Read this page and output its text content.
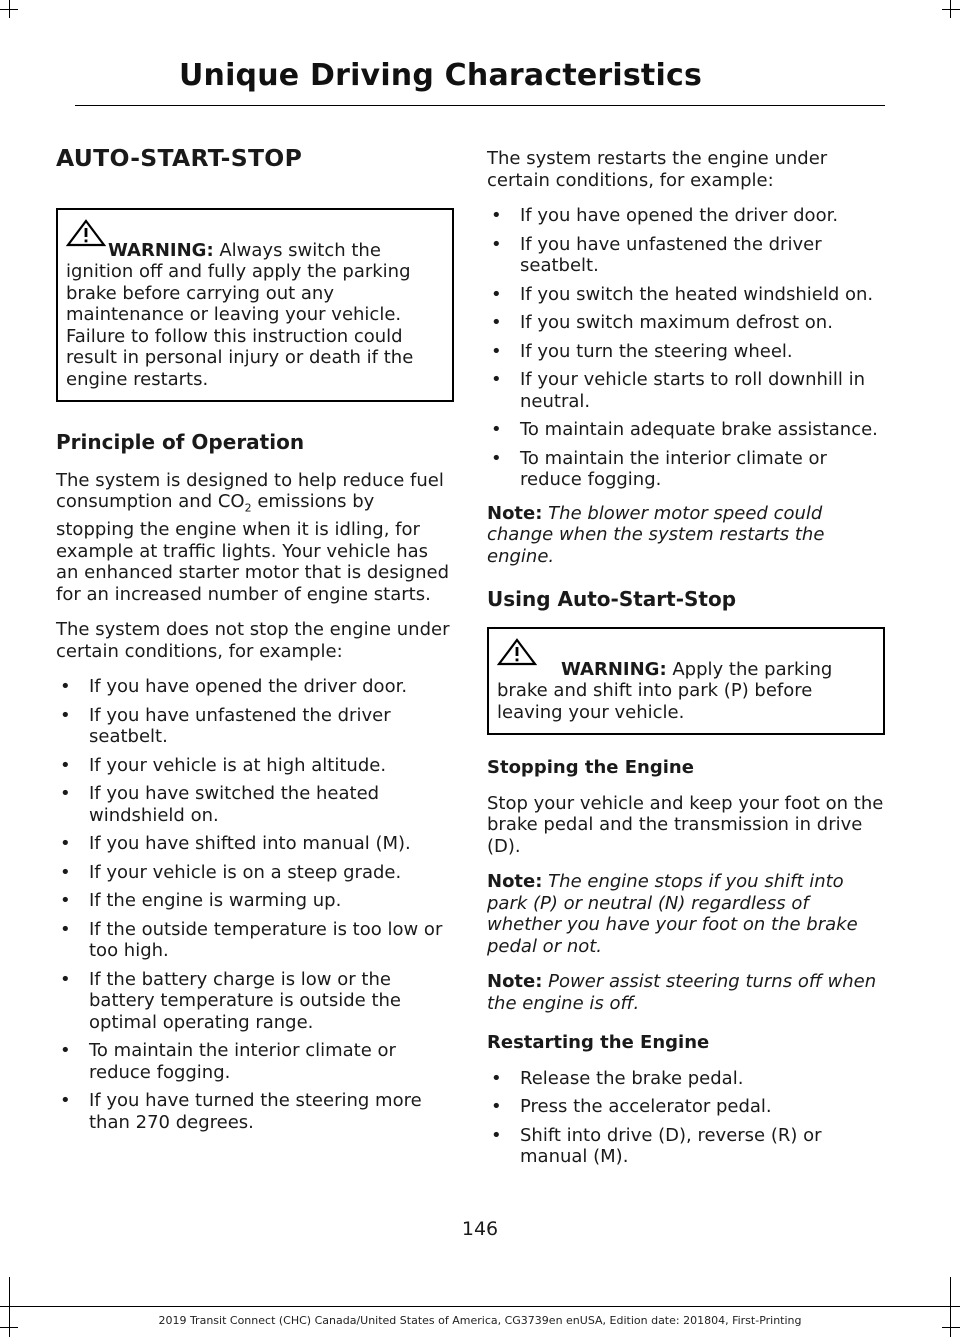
Unique Driving Characteristics
AUTO-START-STOP

WARNING: Always switch the ignition off and fully apply the parking brake before carrying out any maintenance or leaving your vehicle. Failure to follow this instruction could result in personal injury or death if the engine restarts.

Principle of Operation

The system is designed to help reduce fuel consumption and $CO_2$ emissions by stopping the engine when it is idling, for example at traffic lights. Your vehicle has an enhanced starter motor that is designed for an increased number of engine starts.

The system does not stop the engine under certain conditions, for example:

• If you have opened the driver door.
• If you have unfastened the driver seatbelt.
• If your vehicle is at high altitude.
• If you have switched the heated windshield on.
• If you have shifted into manual (M).
• If your vehicle is on a steep grade.
• If the engine is warming up.
• If the outside temperature is too low or too high.
• If the battery charge is low or the battery temperature is outside the optimal operating range.
• To maintain the interior climate or reduce fogging.
• If you have turned the steering more than 270 degrees.

The system restarts the engine under certain conditions, for example:

• If you have opened the driver door.
• If you have unfastened the driver seatbelt.
• If you switch the heated windshield on.
• If you switch maximum defrost on.
• If you turn the steering wheel.
• If your vehicle starts to roll downhill in neutral.
• To maintain adequate brake assistance.
• To maintain the interior climate or reduce fogging.

Note: The blower motor speed could change when the system restarts the engine.

Using Auto-Start-Stop

WARNING: Apply the parking brake and shift into park (P) before leaving your vehicle.

Stopping the Engine

Stop your vehicle and keep your foot on the brake pedal and the transmission in drive (D).

Note: The engine stops if you shift into park (P) or neutral (N) regardless of whether you have your foot on the brake pedal or not.

Note: Power assist steering turns off when the engine is off.

Restarting the Engine
• Release the brake pedal.
• Press the accelerator pedal.
• Shift into drive (D), reverse (R) or manual (M).
146
2019 Transit Connect (CHC) Canada/United States of America, CG3739en enUSA, Edition date: 201804, First-Printing
